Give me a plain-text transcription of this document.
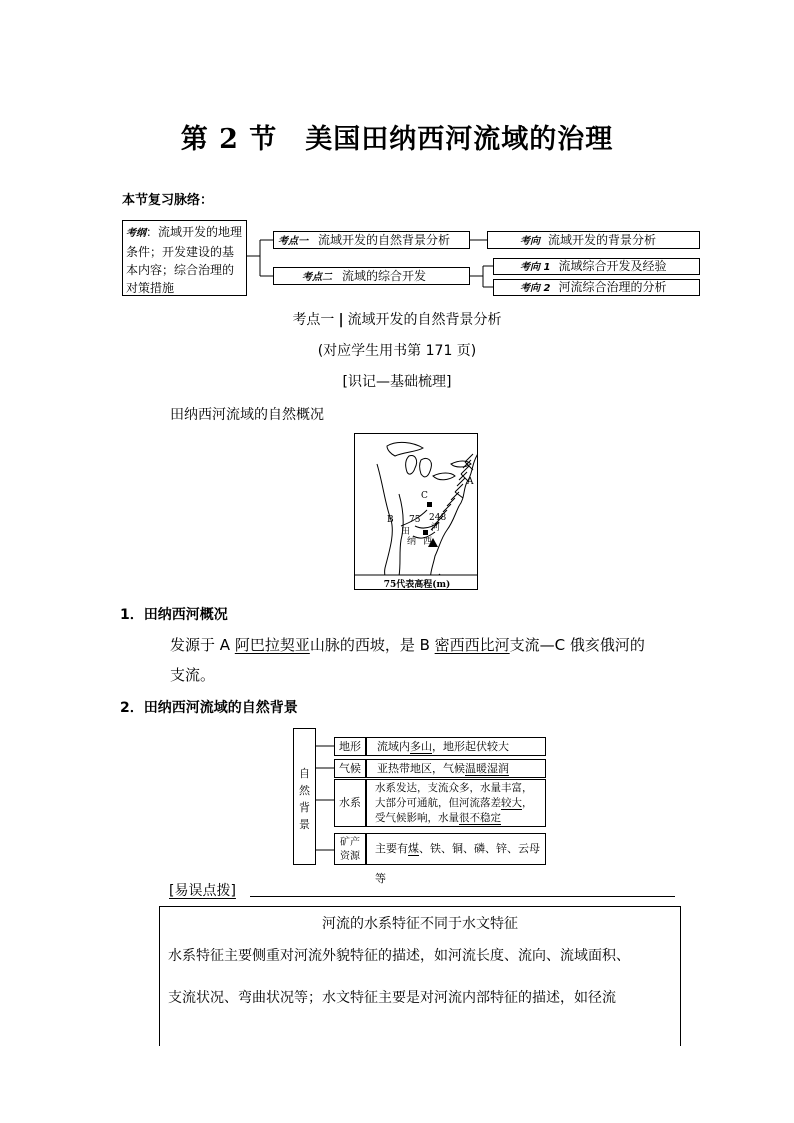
第 2 节 美国田纳西河流域的治理
本节复习脉络：
考纲：流域开发的地理条件；开发建设的基本内容；综合治理的对策措施
考点一 流域开发的自然背景分析
考点二 流域的综合开发
考向 流域开发的背景分析
考向 1 流域综合开发及经验
考向 2 河流综合治理的分析
考点一 | 流域开发的自然背景分析
(对应学生用书第 171 页)
[识记—基础梳理]
田纳西河流域的自然概况
A
B
C
248
75
田
纳 西
河
75代表高程(m)
1．田纳西河概况
发源于 A 阿巴拉契亚山脉的西坡，是 B 密西西比河支流—C 俄亥俄河的
支流。
2．田纳西河流域的自然背景
自
然
背
景
地形	流域内多山，地形起伏较大
气候	亚热带地区，气候温暖湿润
水系
水系发达，支流众多，水量丰富，
大部分可通航，但河流落差较大，
受气候影响，水量很不稳定
矿产
资源
主要有煤、铁、铜、磷、锌、云母等
[易误点拨]
河流的水系特征不同于水文特征
水系特征主要侧重对河流外貌特征的描述，如河流长度、流向、流域面积、
支流状况、弯曲状况等；水文特征主要是对河流内部特征的描述，如径流
